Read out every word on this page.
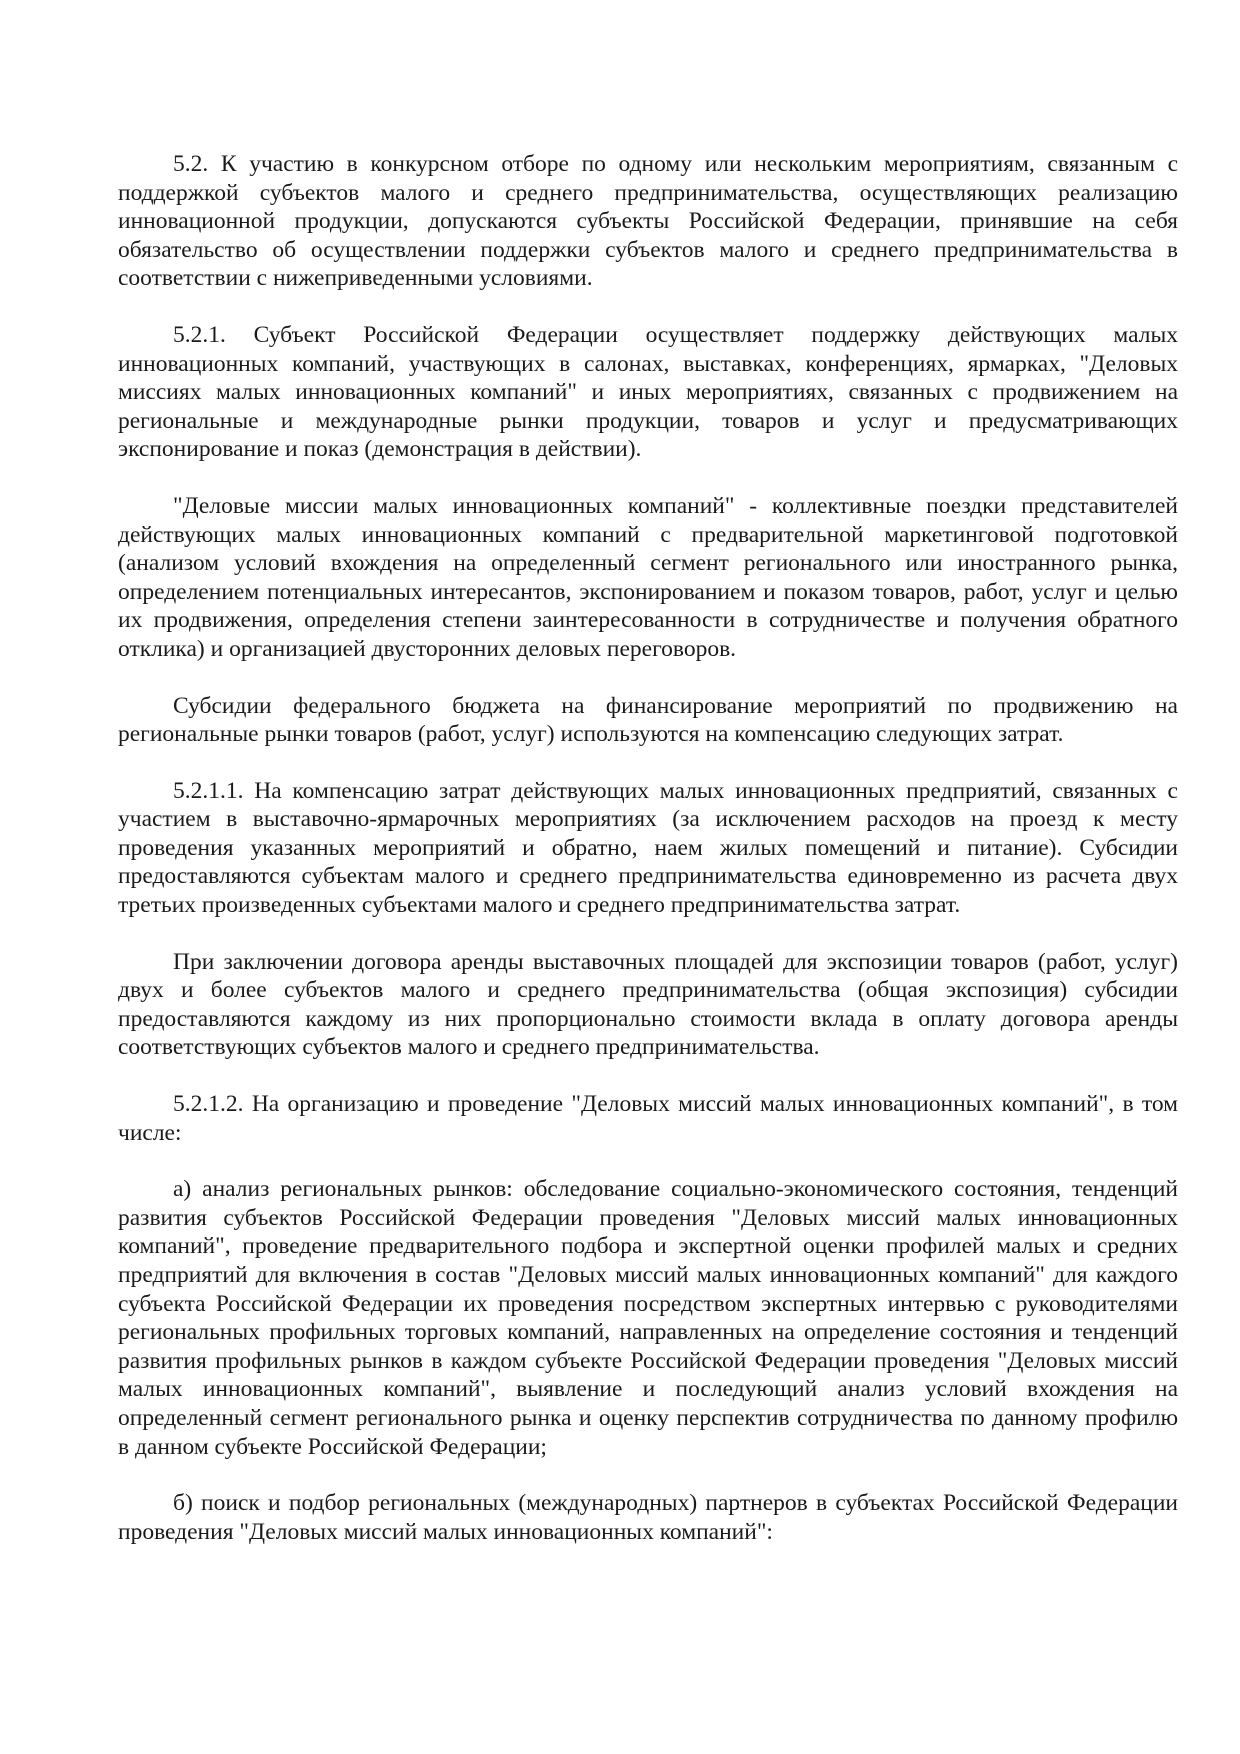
5.2. К участию в конкурсном отборе по одному или нескольким мероприятиям, связанным с поддержкой субъектов малого и среднего предпринимательства, осуществляющих реализацию инновационной продукции, допускаются субъекты Российской Федерации, принявшие на себя обязательство об осуществлении поддержки субъектов малого и среднего предпринимательства в соответствии с нижеприведенными условиями.

5.2.1. Субъект Российской Федерации осуществляет поддержку действующих малых инновационных компаний, участвующих в салонах, выставках, конференциях, ярмарках, "Деловых миссиях малых инновационных компаний" и иных мероприятиях, связанных с продвижением на региональные и международные рынки продукции, товаров и услуг и предусматривающих экспонирование и показ (демонстрация в действии).

"Деловые миссии малых инновационных компаний" - коллективные поездки представителей действующих малых инновационных компаний с предварительной маркетинговой подготовкой (анализом условий вхождения на определенный сегмент регионального или иностранного рынка, определением потенциальных интересантов, экспонированием и показом товаров, работ, услуг и целью их продвижения, определения степени заинтересованности в сотрудничестве и получения обратного отклика) и организацией двусторонних деловых переговоров.

Субсидии федерального бюджета на финансирование мероприятий по продвижению на региональные рынки товаров (работ, услуг) используются на компенсацию следующих затрат.

5.2.1.1. На компенсацию затрат действующих малых инновационных предприятий, связанных с участием в выставочно-ярмарочных мероприятиях (за исключением расходов на проезд к месту проведения указанных мероприятий и обратно, наем жилых помещений и питание). Субсидии предоставляются субъектам малого и среднего предпринимательства единовременно из расчета двух третьих произведенных субъектами малого и среднего предпринимательства затрат.

При заключении договора аренды выставочных площадей для экспозиции товаров (работ, услуг) двух и более субъектов малого и среднего предпринимательства (общая экспозиция) субсидии предоставляются каждому из них пропорционально стоимости вклада в оплату договора аренды соответствующих субъектов малого и среднего предпринимательства.

5.2.1.2. На организацию и проведение "Деловых миссий малых инновационных компаний", в том числе:

а) анализ региональных рынков: обследование социально-экономического состояния, тенденций развития субъектов Российской Федерации проведения "Деловых миссий малых инновационных компаний", проведение предварительного подбора и экспертной оценки профилей малых и средних предприятий для включения в состав "Деловых миссий малых инновационных компаний" для каждого субъекта Российской Федерации их проведения посредством экспертных интервью с руководителями региональных профильных торговых компаний, направленных на определение состояния и тенденций развития профильных рынков в каждом субъекте Российской Федерации проведения "Деловых миссий малых инновационных компаний", выявление и последующий анализ условий вхождения на определенный сегмент регионального рынка и оценку перспектив сотрудничества по данному профилю в данном субъекте Российской Федерации;

б) поиск и подбор региональных (международных) партнеров в субъектах Российской Федерации проведения "Деловых миссий малых инновационных компаний":
